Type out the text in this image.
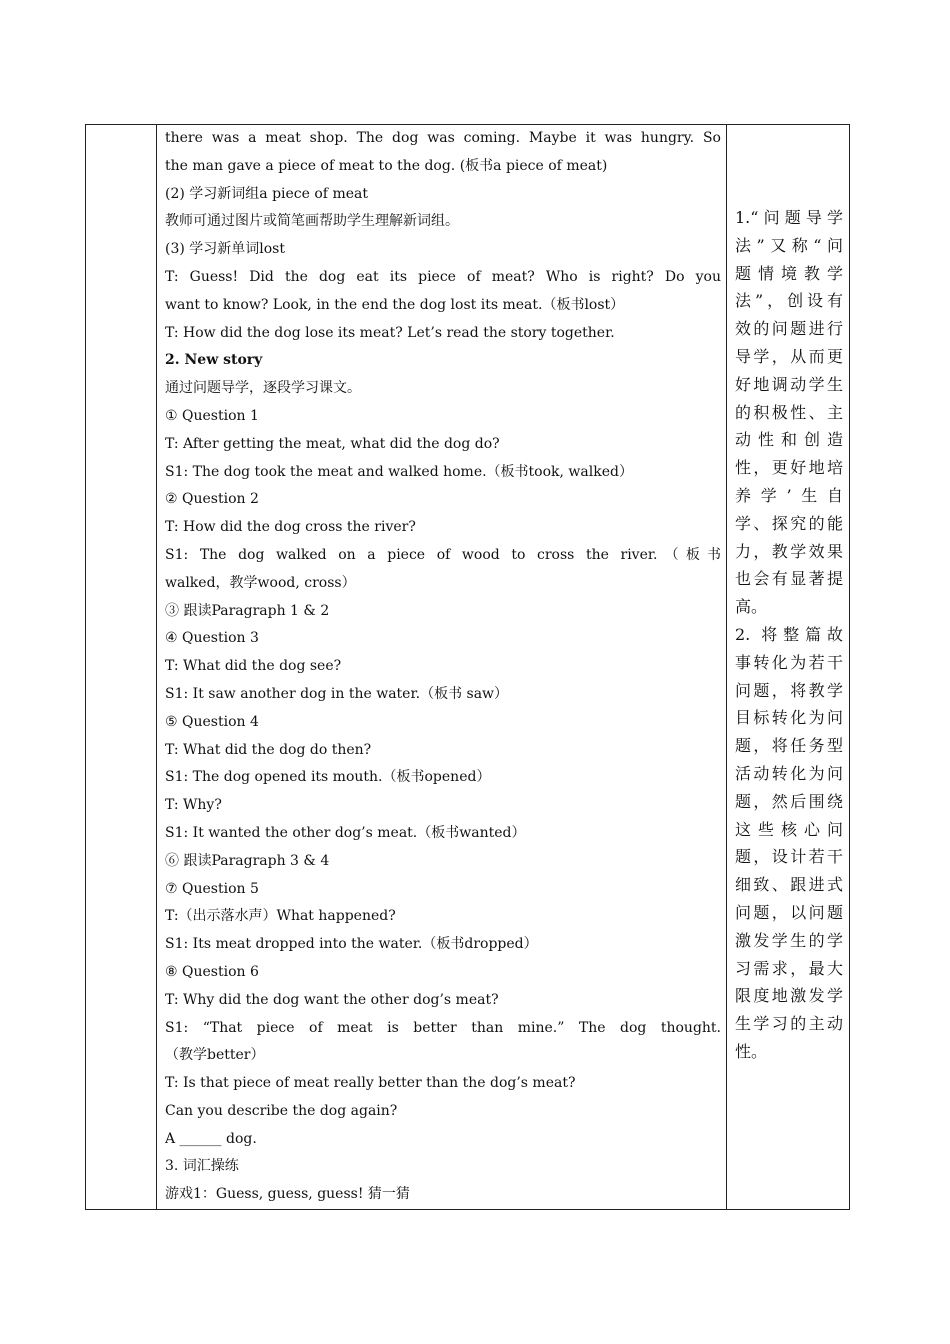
there was a meat shop. The dog was coming. Maybe it was hungry. So
the man gave a piece of meat to the dog. (板书a piece of meat)
(2) 学习新词组a piece of meat
教师可通过图片或简笔画帮助学生理解新词组。
(3) 学习新单词lost
T: Guess! Did the dog eat its piece of meat? Who is right? Do you
want to know? Look, in the end the dog lost its meat.（板书lost）
T: How did the dog lose its meat? Let’s read the story together.
2. New story
通过问题导学，逐段学习课文。
① Question 1
T: After getting the meat, what did the dog do?
S1: The dog took the meat and walked home.（板书took, walked）
② Question 2
T: How did the dog cross the river?
S1: The dog walked on a piece of wood to cross the river.（板书
walked，教学wood, cross）
③ 跟读Paragraph 1 & 2
④ Question 3
T: What did the dog see?
S1: It saw another dog in the water.（板书 saw）
⑤ Question 4
T: What did the dog do then?
S1: The dog opened its mouth.（板书opened）
T: Why?
S1: It wanted the other dog’s meat.（板书wanted）
⑥ 跟读Paragraph 3 & 4
⑦ Question 5
T:（出示落水声）What happened?
S1: Its meat dropped into the water.（板书dropped）
⑧ Question 6
T: Why did the dog want the other dog’s meat?
S1: “That piece of meat is better than mine.” The dog thought.
（教学better）
T: Is that piece of meat really better than the dog’s meat?
Can you describe the dog again?
A ______ dog.
3. 词汇操练
游戏1：Guess, guess, guess! 猜一猜
1.“问题导学
法”又称“问
题情境教学
法”，创设有
效的问题进行
导学，从而更
好地调动学生
的积极性、主
动性和创造
性，更好地培
养学’生自
学、探究的能
力，教学效果
也会有显著提
高。
2. 将整篇故
事转化为若干
问题，将教学
目标转化为问
题，将任务型
活动转化为问
题，然后围绕
这些核心问
题，设计若干
细致、跟进式
问题，以问题
激发学生的学
习需求，最大
限度地激发学
生学习的主动
性。
